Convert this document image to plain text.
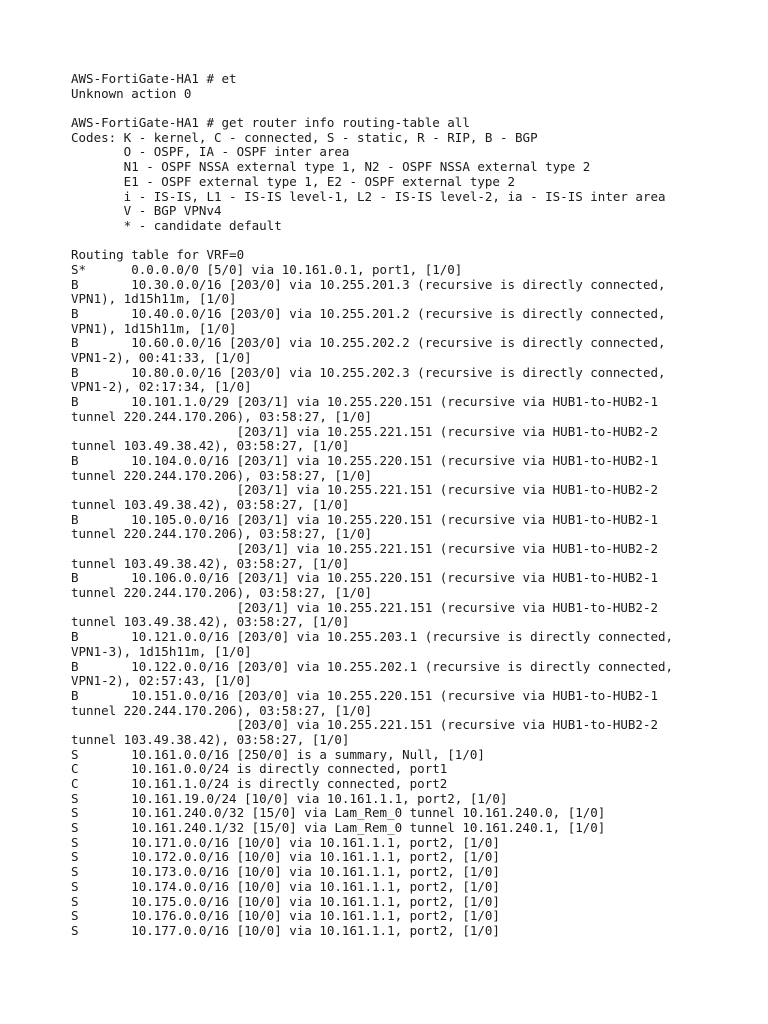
AWS-FortiGate-HA1 # et
Unknown action 0
AWS-FortiGate-HA1 # get router info routing-table all
Codes: K - kernel, C - connected, S - static, R - RIP, B - BGP
O - OSPF, IA - OSPF inter area
N1 - OSPF NSSA external type 1, N2 - OSPF NSSA external type 2
E1 - OSPF external type 1, E2 - OSPF external type 2
i - IS-IS, L1 - IS-IS level-1, L2 - IS-IS level-2, ia - IS-IS inter area
V - BGP VPNv4
* - candidate default
Routing table for VRF=0
S*      0.0.0.0/0 [5/0] via 10.161.0.1, port1, [1/0]
B       10.30.0.0/16 [203/0] via 10.255.201.3 (recursive is directly connected,
VPN1), 1d15h11m, [1/0]
B       10.40.0.0/16 [203/0] via 10.255.201.2 (recursive is directly connected,
VPN1), 1d15h11m, [1/0]
B       10.60.0.0/16 [203/0] via 10.255.202.2 (recursive is directly connected,
VPN1-2), 00:41:33, [1/0]
B       10.80.0.0/16 [203/0] via 10.255.202.3 (recursive is directly connected,
VPN1-2), 02:17:34, [1/0]
B       10.101.1.0/29 [203/1] via 10.255.220.151 (recursive via HUB1-to-HUB2-1
tunnel 220.244.170.206), 03:58:27, [1/0]
[203/1] via 10.255.221.151 (recursive via HUB1-to-HUB2-2
tunnel 103.49.38.42), 03:58:27, [1/0]
B       10.104.0.0/16 [203/1] via 10.255.220.151 (recursive via HUB1-to-HUB2-1
tunnel 220.244.170.206), 03:58:27, [1/0]
[203/1] via 10.255.221.151 (recursive via HUB1-to-HUB2-2
tunnel 103.49.38.42), 03:58:27, [1/0]
B       10.105.0.0/16 [203/1] via 10.255.220.151 (recursive via HUB1-to-HUB2-1
tunnel 220.244.170.206), 03:58:27, [1/0]
[203/1] via 10.255.221.151 (recursive via HUB1-to-HUB2-2
tunnel 103.49.38.42), 03:58:27, [1/0]
B       10.106.0.0/16 [203/1] via 10.255.220.151 (recursive via HUB1-to-HUB2-1
tunnel 220.244.170.206), 03:58:27, [1/0]
[203/1] via 10.255.221.151 (recursive via HUB1-to-HUB2-2
tunnel 103.49.38.42), 03:58:27, [1/0]
B       10.121.0.0/16 [203/0] via 10.255.203.1 (recursive is directly connected,
VPN1-3), 1d15h11m, [1/0]
B       10.122.0.0/16 [203/0] via 10.255.202.1 (recursive is directly connected,
VPN1-2), 02:57:43, [1/0]
B       10.151.0.0/16 [203/0] via 10.255.220.151 (recursive via HUB1-to-HUB2-1
tunnel 220.244.170.206), 03:58:27, [1/0]
[203/0] via 10.255.221.151 (recursive via HUB1-to-HUB2-2
tunnel 103.49.38.42), 03:58:27, [1/0]
S       10.161.0.0/16 [250/0] is a summary, Null, [1/0]
C       10.161.0.0/24 is directly connected, port1
C       10.161.1.0/24 is directly connected, port2
S       10.161.19.0/24 [10/0] via 10.161.1.1, port2, [1/0]
S       10.161.240.0/32 [15/0] via Lam_Rem_0 tunnel 10.161.240.0, [1/0]
S       10.161.240.1/32 [15/0] via Lam_Rem_0 tunnel 10.161.240.1, [1/0]
S       10.171.0.0/16 [10/0] via 10.161.1.1, port2, [1/0]
S       10.172.0.0/16 [10/0] via 10.161.1.1, port2, [1/0]
S       10.173.0.0/16 [10/0] via 10.161.1.1, port2, [1/0]
S       10.174.0.0/16 [10/0] via 10.161.1.1, port2, [1/0]
S       10.175.0.0/16 [10/0] via 10.161.1.1, port2, [1/0]
S       10.176.0.0/16 [10/0] via 10.161.1.1, port2, [1/0]
S       10.177.0.0/16 [10/0] via 10.161.1.1, port2, [1/0]
